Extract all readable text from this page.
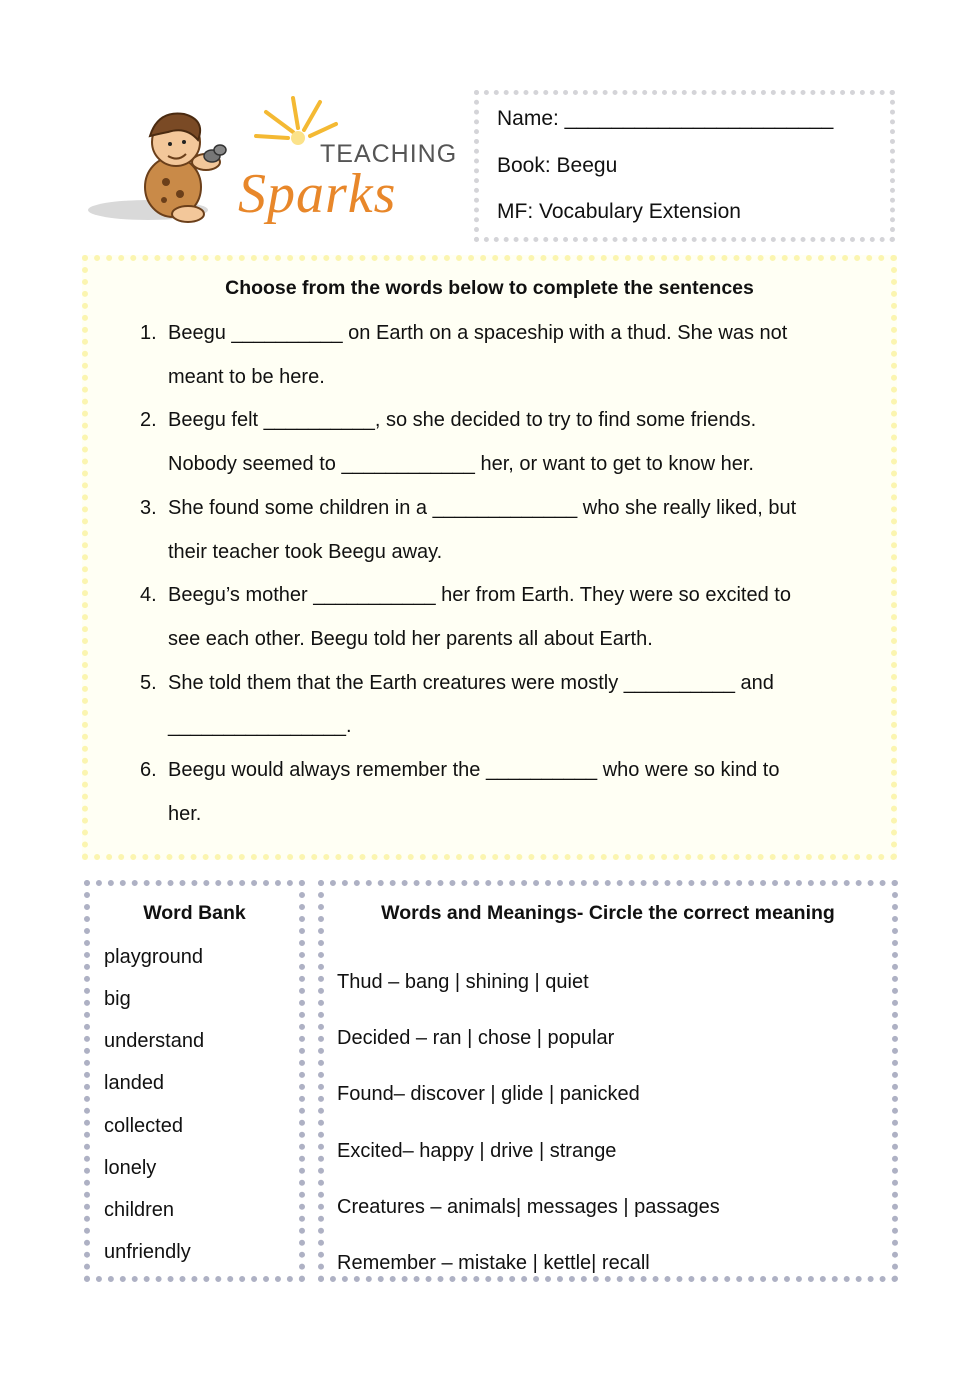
TEACHING
Sparks
Name: _______________________
Book: Beegu
MF: Vocabulary Extension
Choose from the words below to complete the sentences
1. Beegu __________ on Earth on a spaceship with a thud. She was not
meant to be here.
2. Beegu felt __________, so she decided to try to find some friends.
Nobody seemed to ____________ her, or want to get to know her.
3. She found some children in a _____________ who she really liked, but
their teacher took Beegu away.
4. Beegu’s mother ___________ her from Earth. They were so excited to
see each other. Beegu told her parents all about Earth.
5. She told them that the Earth creatures were mostly __________ and
________________.
6. Beegu would always remember the __________ who were so kind to
her.
Word Bank
playground
big
understand
landed
collected
lonely
children
unfriendly
Words and Meanings- Circle the correct meaning
Thud – bang | shining | quiet
Decided – ran | chose | popular
Found– discover | glide | panicked
Excited– happy | drive | strange
Creatures – animals| messages | passages
Remember – mistake | kettle| recall
